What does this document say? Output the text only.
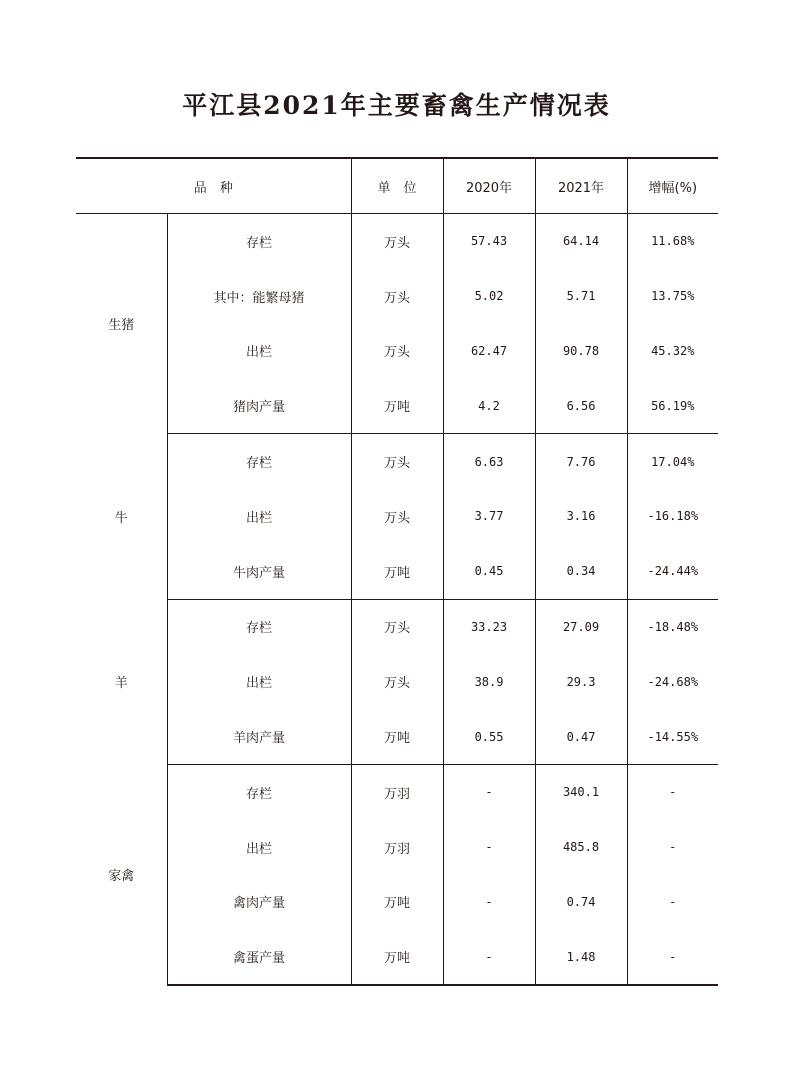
平江县2021年主要畜禽生产情况表
品　种		单　位	2020年	2021年	增幅(%)
生猪	存栏	万头	57.43	64.14	11.68%
	其中：能繁母猪	万头	5.02	5.71	13.75%
	出栏	万头	62.47	90.78	45.32%
	猪肉产量	万吨	4.2	6.56	56.19%
牛	存栏	万头	6.63	7.76	17.04%
	出栏	万头	3.77	3.16	-16.18%
	牛肉产量	万吨	0.45	0.34	-24.44%
羊	存栏	万头	33.23	27.09	-18.48%
	出栏	万头	38.9	29.3	-24.68%
	羊肉产量	万吨	0.55	0.47	-14.55%
家禽	存栏	万羽	-	340.1	-
	出栏	万羽	-	485.8	-
	禽肉产量	万吨	-	0.74	-
	禽蛋产量	万吨	-	1.48	-
